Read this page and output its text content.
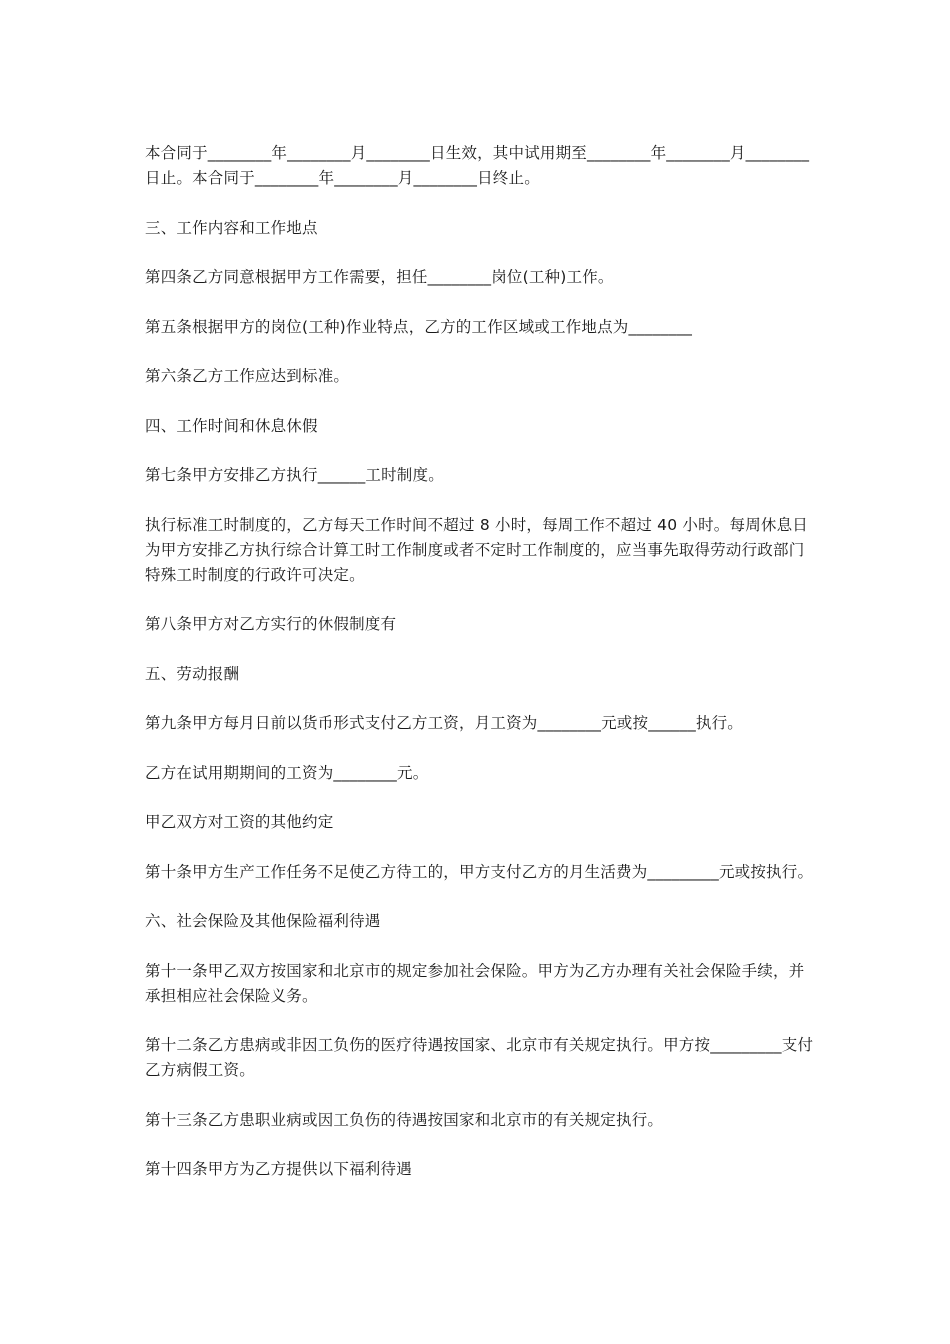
本合同于________年________月________日生效，其中试用期至________年________月________日止。本合同于________年________月________日终止。

三、工作内容和工作地点

第四条乙方同意根据甲方工作需要，担任________岗位(工种)工作。

第五条根据甲方的岗位(工种)作业特点，乙方的工作区域或工作地点为________

第六条乙方工作应达到标准。

四、工作时间和休息休假

第七条甲方安排乙方执行______工时制度。

执行标准工时制度的，乙方每天工作时间不超过 8 小时，每周工作不超过 40 小时。每周休息日为甲方安排乙方执行综合计算工时工作制度或者不定时工作制度的，应当事先取得劳动行政部门特殊工时制度的行政许可决定。

第八条甲方对乙方实行的休假制度有

五、劳动报酬

第九条甲方每月日前以货币形式支付乙方工资，月工资为________元或按______执行。

乙方在试用期期间的工资为________元。

甲乙双方对工资的其他约定

第十条甲方生产工作任务不足使乙方待工的，甲方支付乙方的月生活费为_________元或按执行。

六、社会保险及其他保险福利待遇

第十一条甲乙双方按国家和北京市的规定参加社会保险。甲方为乙方办理有关社会保险手续，并承担相应社会保险义务。

第十二条乙方患病或非因工负伤的医疗待遇按国家、北京市有关规定执行。甲方按_________支付乙方病假工资。

第十三条乙方患职业病或因工负伤的待遇按国家和北京市的有关规定执行。

第十四条甲方为乙方提供以下福利待遇
